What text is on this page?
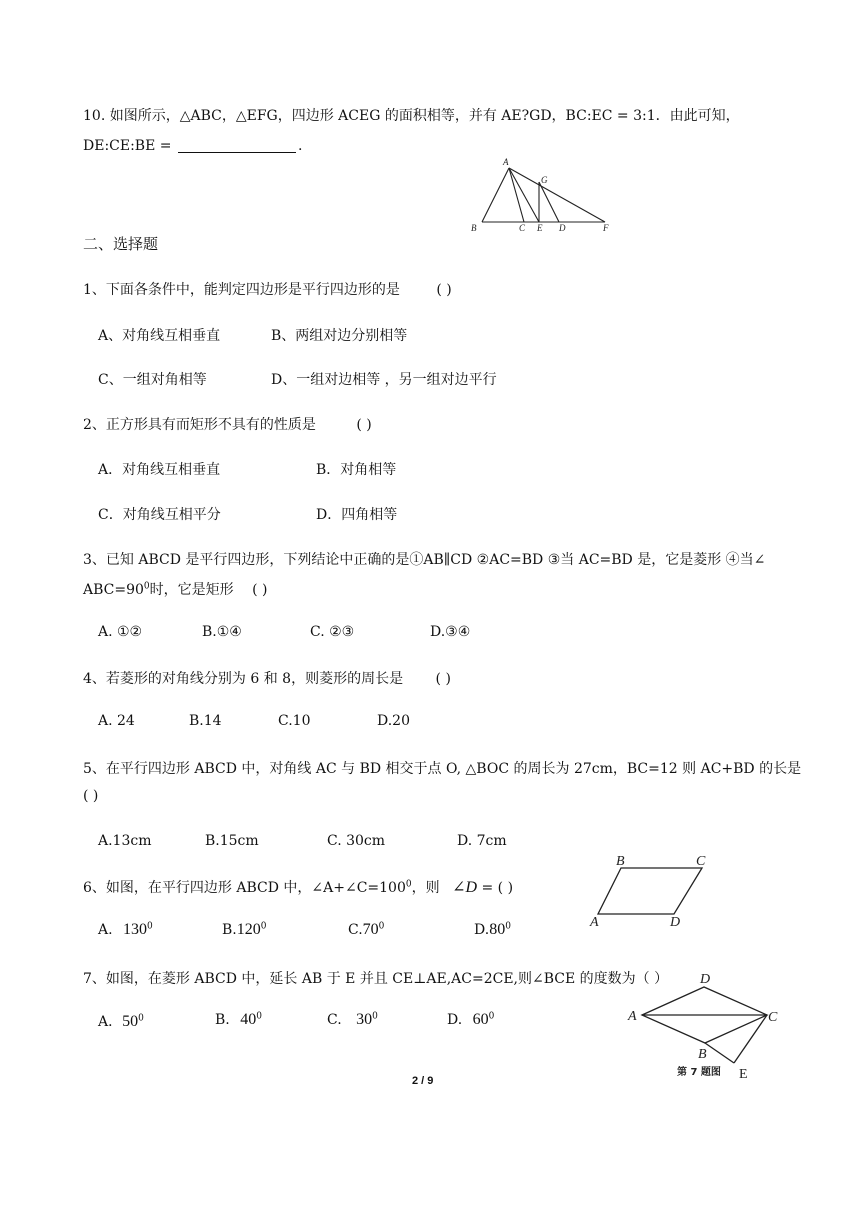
10. 如图所示，△ABC，△EFG，四边形 ACEG 的面积相等，并有 AE?GD，BC:EC = 3:1．由此可知，
DE:CE:BE =	.
A
G
B	C E D	F
二、选择题
1、下面各条件中，能判定四边形是平行四边形的是	( )
A、对角线互相垂直	B、两组对边分别相等
C、一组对角相等	D、一组对边相等 ，另一组对边平行
2、正方形具有而矩形不具有的性质是	( )
A．对角线互相垂直	B．对角相等
C．对角线互相平分	D．四角相等
3、已知 ABCD 是平行四边形，下列结论中正确的是①AB∥CD ②AC=BD ③当 AC=BD 是，它是菱形 ④当∠
$ABC=90^0$时，它是矩形 ( )
A. ①②	B.①④	C. ②③	D.③④
4、若菱形的对角线分别为 6 和 8，则菱形的周长是 ( )
A. 24	B.14	C.10	D.20
5、在平行四边形 ABCD 中，对角线 AC 与 BD 相交于点 O, △BOC 的周长为 27cm，BC=12 则 AC+BD 的长是
( )
A.13cm	B.15cm	C. 30cm	D. 7cm
6、如图，在平行四边形 ABCD 中，$\angle A+\angle C=100^0$，则 ∠D = ( )
A. $130^0$	B.120$^0$	$C.70^0$	$D.80^0$
B	C
A	D
7、如图，在菱形 ABCD 中，延长 AB 于 E 并且 CE⊥AE,AC=2CE,则∠BCE 的度数为（ ）
A．$50^0$	B. $40^0$	C. $30^0$	D. $60^0$
D
A	C
B
E
第 7 题图
2 / 9
